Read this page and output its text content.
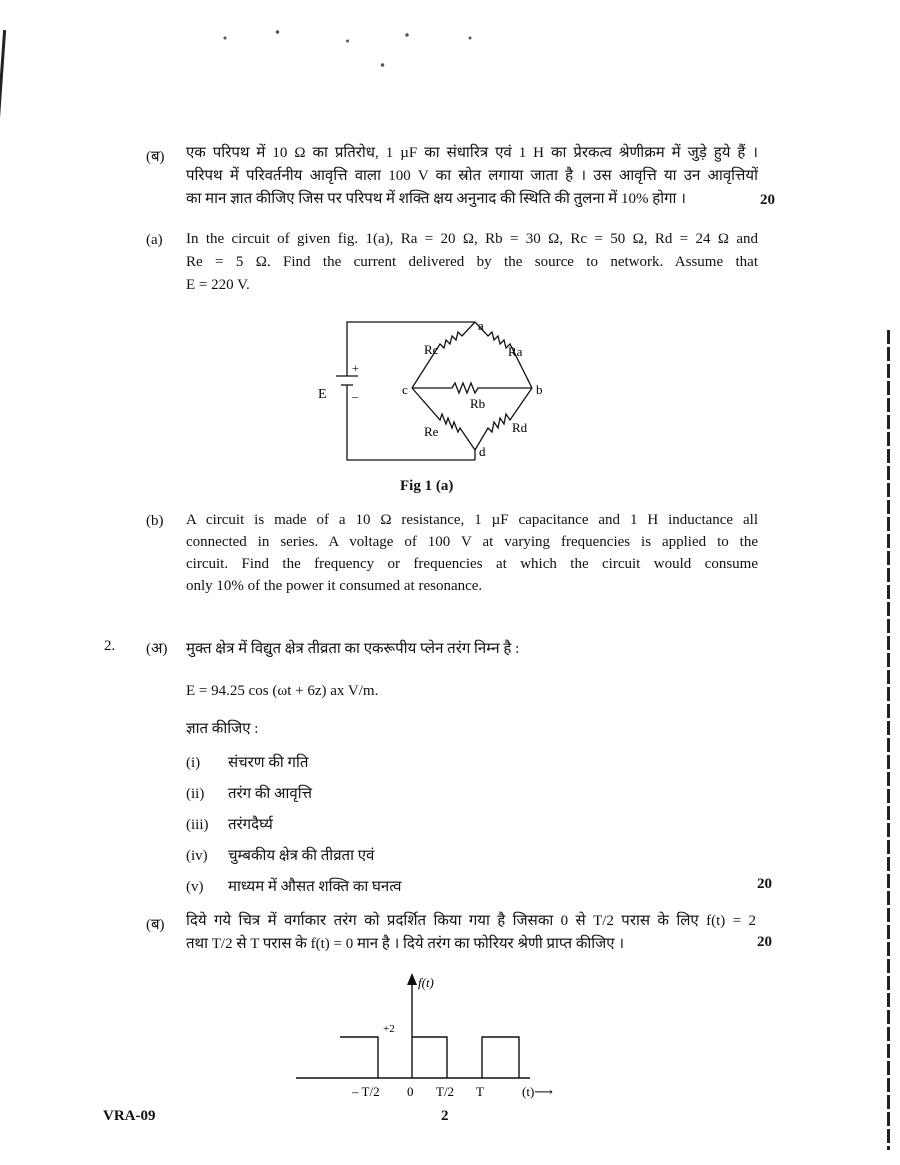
(ब) एक परिपथ में 10 Ω का प्रतिरोध, 1 µF का संधारित्र एवं 1 H का प्रेरकत्व श्रेणीक्रम में जुड़े हुये हैं ।
परिपथ में परिवर्तनीय आवृत्ति वाला 100 V का स्रोत लगाया जाता है । उस आवृत्ति या उन आवृत्तियों
का मान ज्ञात कीजिए जिस पर परिपथ में शक्ति क्षय अनुनाद की स्थिति की तुलना में 10% होगा ।	20
(a) In the circuit of given fig. 1(a), Ra = 20 Ω, Rb = 30 Ω, Rc = 50 Ω, Rd = 24 Ω and
Re = 5 Ω. Find the current delivered by the source to network. Assume that
E = 220 V.
a
b
c
d
Rc	Ra
Rb
Re	Rd
E
+
–
Fig 1 (a)
(b) A circuit is made of a 10 Ω resistance, 1 µF capacitance and 1 H inductance all
connected in series. A voltage of 100 V at varying frequencies is applied to the
circuit. Find the frequency or frequencies at which the circuit would consume
only 10% of the power it consumed at resonance.
2. (अ) मुक्त क्षेत्र में विद्युत क्षेत्र तीव्रता का एकरूपीय प्लेन तरंग निम्न है :
E = 94.25 cos (ωt + 6z) ax V/m.
ज्ञात कीजिए :
(i) संचरण की गति
(ii) तरंग की आवृत्ति
(iii) तरंगदैर्घ्य
(iv) चुम्बकीय क्षेत्र की तीव्रता एवं
(v) माध्यम में औसत शक्ति का घनत्व	20
(ब) दिये गये चित्र में वर्गाकार तरंग को प्रदर्शित किया गया है जिसका 0 से T/2 परास के लिए f(t) = 2
तथा T/2 से T परास के f(t) = 0 मान है । दिये तरंग का फोरियर श्रेणी प्राप्त कीजिए ।	20
f(t)
+2
– T/2 0 T/2 T	(t)⟶
VRA-09	2
